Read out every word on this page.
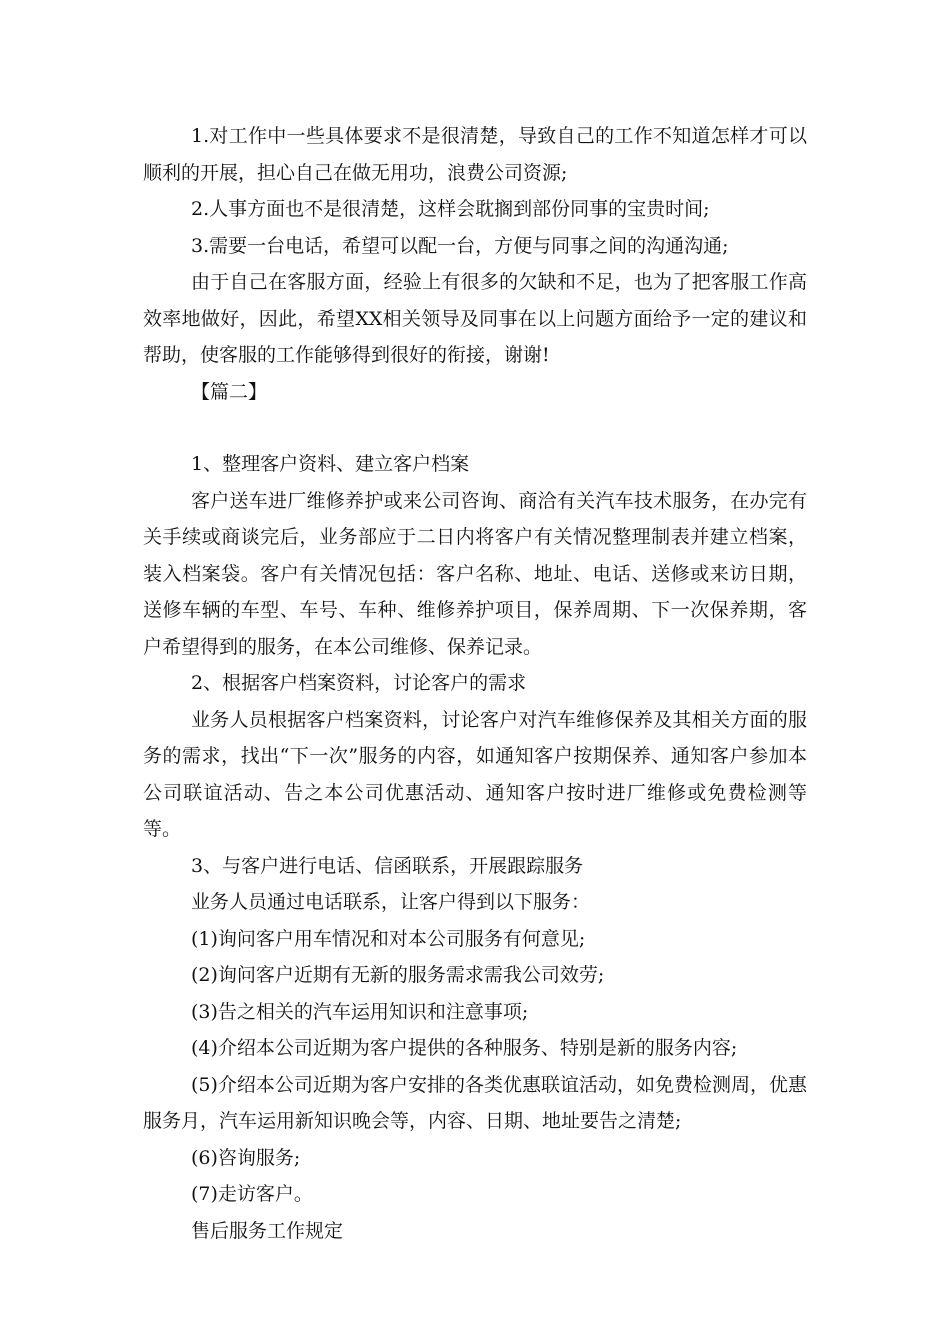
1.对工作中一些具体要求不是很清楚，导致自己的工作不知道怎样才可以顺利的开展，担心自己在做无用功，浪费公司资源;

2.人事方面也不是很清楚，这样会耽搁到部份同事的宝贵时间;

3.需要一台电话，希望可以配一台，方便与同事之间的沟通沟通;

由于自己在客服方面，经验上有很多的欠缺和不足，也为了把客服工作高效率地做好，因此，希望XX相关领导及同事在以上问题方面给予一定的建议和帮助，使客服的工作能够得到很好的衔接，谢谢!

【篇二】

1、整理客户资料、建立客户档案

客户送车进厂维修养护或来公司咨询、商洽有关汽车技术服务，在办完有关手续或商谈完后，业务部应于二日内将客户有关情况整理制表并建立档案，装入档案袋。客户有关情况包括：客户名称、地址、电话、送修或来访日期，送修车辆的车型、车号、车种、维修养护项目，保养周期、下一次保养期，客户希望得到的服务，在本公司维修、保养记录。

2、根据客户档案资料，讨论客户的需求

业务人员根据客户档案资料，讨论客户对汽车维修保养及其相关方面的服务的需求，找出“下一次”服务的内容，如通知客户按期保养、通知客户参加本公司联谊活动、告之本公司优惠活动、通知客户按时进厂维修或免费检测等等。

3、与客户进行电话、信函联系，开展跟踪服务

业务人员通过电话联系，让客户得到以下服务：

(1)询问客户用车情况和对本公司服务有何意见;

(2)询问客户近期有无新的服务需求需我公司效劳;

(3)告之相关的汽车运用知识和注意事项;

(4)介绍本公司近期为客户提供的各种服务、特别是新的服务内容;

(5)介绍本公司近期为客户安排的各类优惠联谊活动，如免费检测周，优惠服务月，汽车运用新知识晚会等，内容、日期、地址要告之清楚;

(6)咨询服务;

(7)走访客户。

售后服务工作规定
